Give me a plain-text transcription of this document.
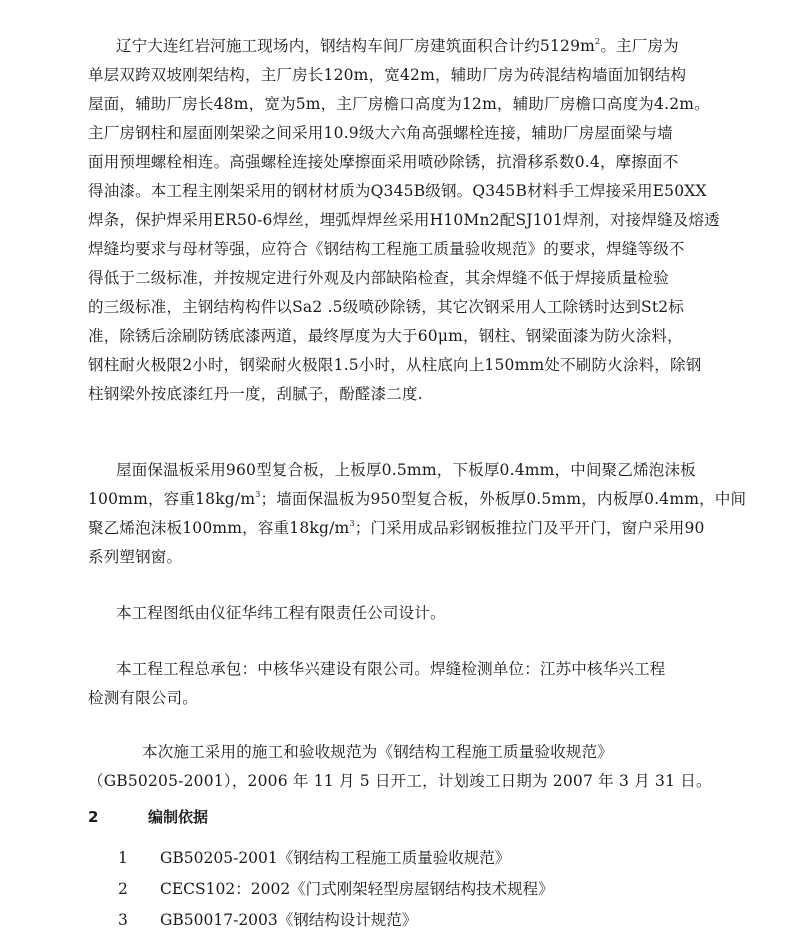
辽宁大连红岩河施工现场内，钢结构车间厂房建筑面积合计约$5129m^2$。主厂房为
单层双跨双坡刚架结构，主厂房长120m，宽42m，辅助厂房为砖混结构墙面加钢结构
屋面，辅助厂房长48m，宽为5m，主厂房檐口高度为12m，辅助厂房檐口高度为4.2m。
主厂房钢柱和屋面刚架梁之间采用10.9级大六角高强螺栓连接，辅助厂房屋面梁与墙
面用预埋螺栓相连。高强螺栓连接处摩擦面采用喷砂除锈，抗滑移系数0.4，摩擦面不
得油漆。本工程主刚架采用的钢材材质为Q345B级钢。Q345B材料手工焊接采用E50XX
焊条，保护焊采用ER50-6焊丝，埋弧焊焊丝采用H10Mn2配SJ101焊剂，对接焊缝及熔透
焊缝均要求与母材等强，应符合《钢结构工程施工质量验收规范》的要求，焊缝等级不
得低于二级标准，并按规定进行外观及内部缺陷检查，其余焊缝不低于焊接质量检验
的三级标准，主钢结构构件以Sa2 .5级喷砂除锈，其它次钢采用人工除锈时达到St2标
准，除锈后涂刷防锈底漆两道，最终厚度为大于60μm，钢柱、钢梁面漆为防火涂料，
钢柱耐火极限2小时，钢梁耐火极限1.5小时，从柱底向上150mm处不刷防火涂料，除钢
柱钢梁外按底漆红丹一度，刮腻子，酚醛漆二度.
屋面保温板采用960型复合板，上板厚0.5mm，下板厚0.4mm，中间聚乙烯泡沫板
100mm，容重$18kg/m^3$；墙面保温板为950型复合板，外板厚0.5mm，内板厚0.4mm，中间
聚乙烯泡沫板100mm，容重$18kg/m^3$；门采用成品彩钢板推拉门及平开门，窗户采用90
系列塑钢窗。
本工程图纸由仪征华纬工程有限责任公司设计。
本工程工程总承包：中核华兴建设有限公司。焊缝检测单位：江苏中核华兴工程
检测有限公司。
本次施工采用的施工和验收规范为《钢结构工程施工质量验收规范》
（GB50205-2001），2006 年 11 月 5 日开工，计划竣工日期为 2007 年 3 月 31 日。
2	编制依据
1	GB50205-2001《钢结构工程施工质量验收规范》
2	CECS102：2002《门式刚架轻型房屋钢结构技术规程》
3	GB50017-2003《钢结构设计规范》
